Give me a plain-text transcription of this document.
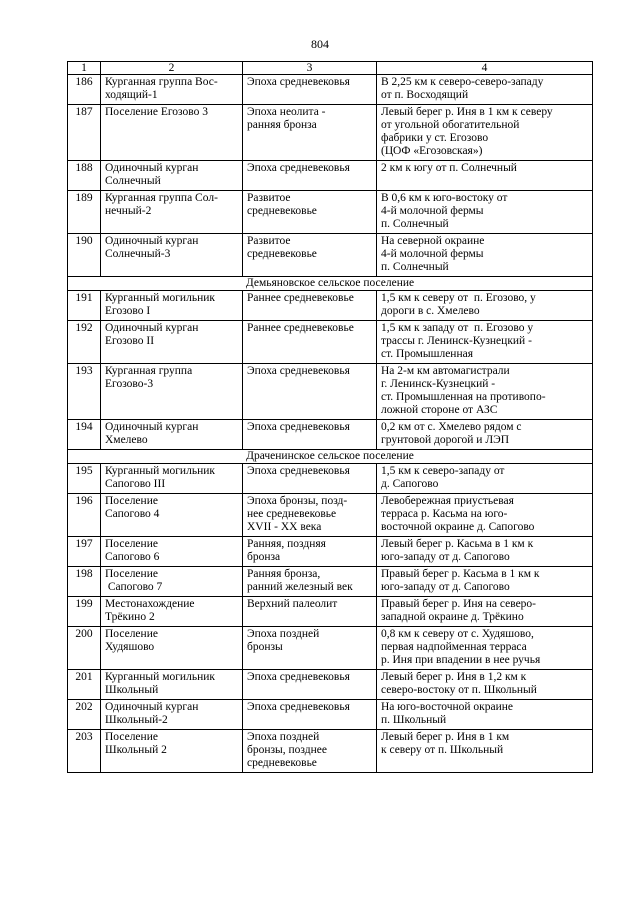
804
1	2	3	4
186	Курганная группа Вос-
ходящий-1	Эпоха средневековья	В 2,25 км к северо-северо-западу
от п. Восходящий

187	Поселение Егозово 3	Эпоха неолита -
ранняя бронза	Левый берег р. Иня в 1 км к северу
от угольной обогатительной
фабрики у ст. Егозово
(ЦОФ «Егозовская»)

188	Одиночный курган
Солнечный	Эпоха средневековья	2 км к югу от п. Солнечный

189	Курганная группа Сол-
нечный-2	Развитое
средневековье	В 0,6 км к юго-востоку от
4-й молочной фермы
п. Солнечный

190	Одиночный курган
Солнечный-3	Развитое
средневековье	На северной окраине
4-й молочной фермы
п. Солнечный

Демьяновское сельское поселение			
191	Курганный могильник
Егозово I	Раннее средневековье	1,5 км к северу от  п. Егозово, у
дороги в с. Хмелево

192	Одиночный курган
Егозово II	Раннее средневековье	1,5 км к западу от  п. Егозово у
трассы г. Ленинск-Кузнецкий -
ст. Промышленная

193	Курганная группа
Егозово-3	Эпоха средневековья	На 2-м км автомагистрали
г. Ленинск-Кузнецкий -
ст. Промышленная на противопо-
ложной стороне от АЗС

194	Одиночный курган
Хмелево	Эпоха средневековья	0,2 км от с. Хмелево рядом с
грунтовой дорогой и ЛЭП

Драченинское сельское поселение			
195	Курганный могильник
Сапогово III	Эпоха средневековья	1,5 км к северо-западу от
д. Сапогово

196	Поселение
Сапогово 4	Эпоха бронзы, позд-
нее средневековье
XVII - XX века	Левобережная приустьевая
терраса р. Касьма на юго-
восточной окраине д. Сапогово

197	Поселение
Сапогово 6	Ранняя, поздняя
бронза	Левый берег р. Касьма в 1 км к
юго-западу от д. Сапогово

198	Поселение
Сапогово 7	Ранняя бронза,
ранний железный век	Правый берег р. Касьма в 1 км к
юго-западу от д. Сапогово

199	Местонахождение
Трёкино 2	Верхний палеолит	Правый берег р. Иня на северо-
западной окраине д. Трёкино

200	Поселение
Худяшово	Эпоха поздней
бронзы	0,8 км к северу от с. Худяшово,
первая надпойменная терраса
р. Иня при впадении в нее ручья

201	Курганный могильник
Школьный	Эпоха средневековья	Левый берег р. Иня в 1,2 км к
северо-востоку от п. Школьный

202	Одиночный курган
Школьный-2	Эпоха средневековья	На юго-восточной окраине
п. Школьный

203	Поселение
Школьный 2	Эпоха поздней
бронзы, позднее
средневековье	Левый берег р. Иня в 1 км
к северу от п. Школьный
